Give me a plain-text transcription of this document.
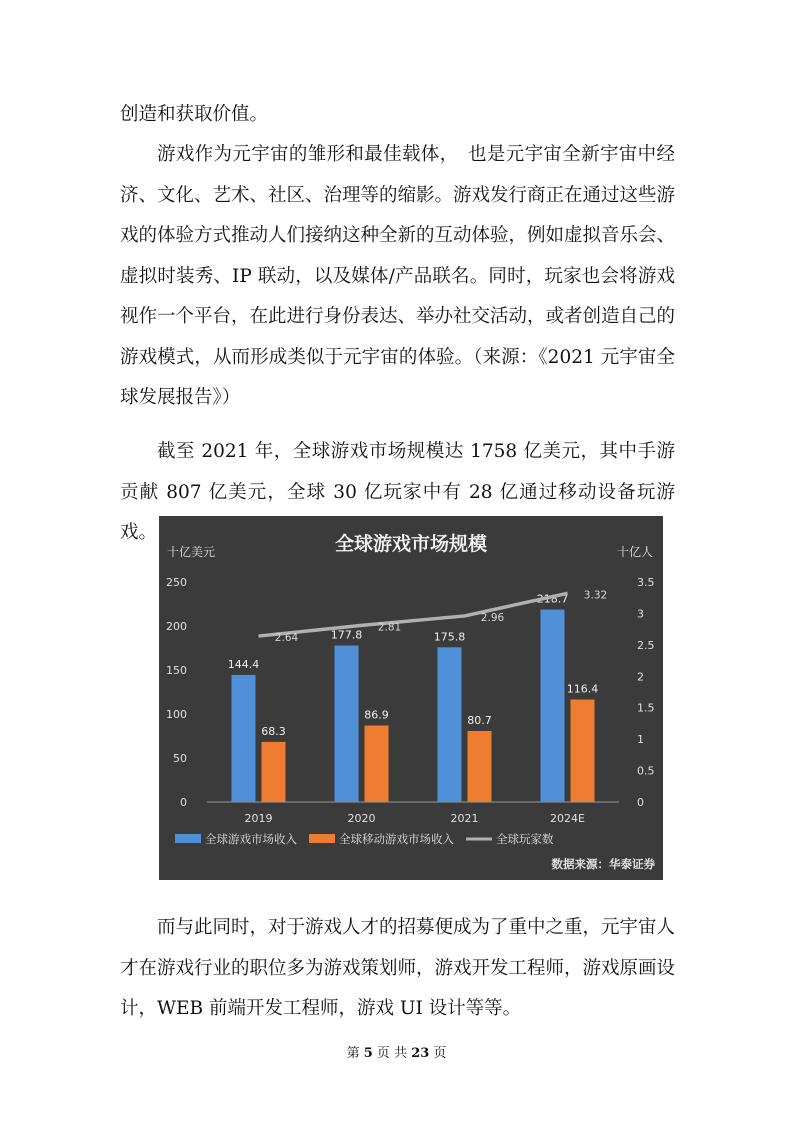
创造和获取价值。

游戏作为元宇宙的雏形和最佳载体，　也是元宇宙全新宇宙中经济、文化、艺术、社区、治理等的缩影。游戏发行商正在通过这些游戏的体验方式推动人们接纳这种全新的互动体验，例如虚拟音乐会、虚拟时装秀、IP 联动，以及媒体/产品联名。同时，玩家也会将游戏视作一个平台，在此进行身份表达、举办社交活动，或者创造自己的游戏模式，从而形成类似于元宇宙的体验。（来源：《2021 元宇宙全球发展报告》）

截至 2021 年，全球游戏市场规模达 1758 亿美元，其中手游贡献 807 亿美元，全球 30 亿玩家中有 28 亿通过移动设备玩游戏。

全球游戏市场规模
十亿美元	十亿人
0
50
100
150
200
250
0
0.5
1
1.5
2
2.5
3
3.5
144.4
68.3
2019
177.8
86.9
2020
175.8
80.7
2021
218.7
116.4
2024E
2.64
2.81
2.96
3.32
全球游戏市场收入	全球移动游戏市场收入	全球玩家数
数据来源：华泰证券

而与此同时，对于游戏人才的招募便成为了重中之重，元宇宙人才在游戏行业的职位多为游戏策划师，游戏开发工程师，游戏原画设计，WEB 前端开发工程师，游戏 UI 设计等等。

第 5 页 共 23 页
